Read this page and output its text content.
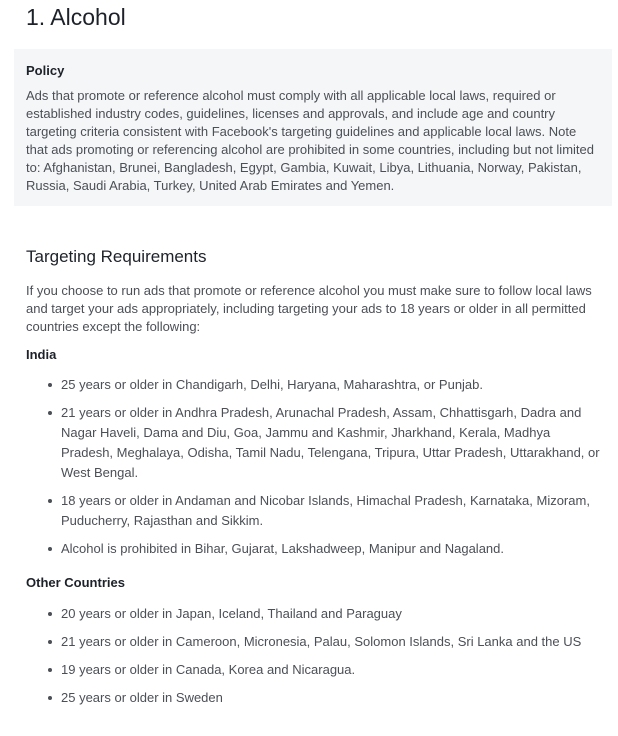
1. Alcohol

Policy

Ads that promote or reference alcohol must comply with all applicable local laws, required or established industry codes, guidelines, licenses and approvals, and include age and country targeting criteria consistent with Facebook's targeting guidelines and applicable local laws. Note that ads promoting or referencing alcohol are prohibited in some countries, including but not limited to: Afghanistan, Brunei, Bangladesh, Egypt, Gambia, Kuwait, Libya, Lithuania, Norway, Pakistan, Russia, Saudi Arabia, Turkey, United Arab Emirates and Yemen.

Targeting Requirements

If you choose to run ads that promote or reference alcohol you must make sure to follow local laws and target your ads appropriately, including targeting your ads to 18 years or older in all permitted countries except the following:

India

25 years or older in Chandigarh, Delhi, Haryana, Maharashtra, or Punjab.
21 years or older in Andhra Pradesh, Arunachal Pradesh, Assam, Chhattisgarh, Dadra and Nagar Haveli, Dama and Diu, Goa, Jammu and Kashmir, Jharkhand, Kerala, Madhya Pradesh, Meghalaya, Odisha, Tamil Nadu, Telengana, Tripura, Uttar Pradesh, Uttarakhand, or West Bengal.
18 years or older in Andaman and Nicobar Islands, Himachal Pradesh, Karnataka, Mizoram, Puducherry, Rajasthan and Sikkim.
Alcohol is prohibited in Bihar, Gujarat, Lakshadweep, Manipur and Nagaland.

Other Countries

20 years or older in Japan, Iceland, Thailand and Paraguay
21 years or older in Cameroon, Micronesia, Palau, Solomon Islands, Sri Lanka and the US
19 years or older in Canada, Korea and Nicaragua.
25 years or older in Sweden
